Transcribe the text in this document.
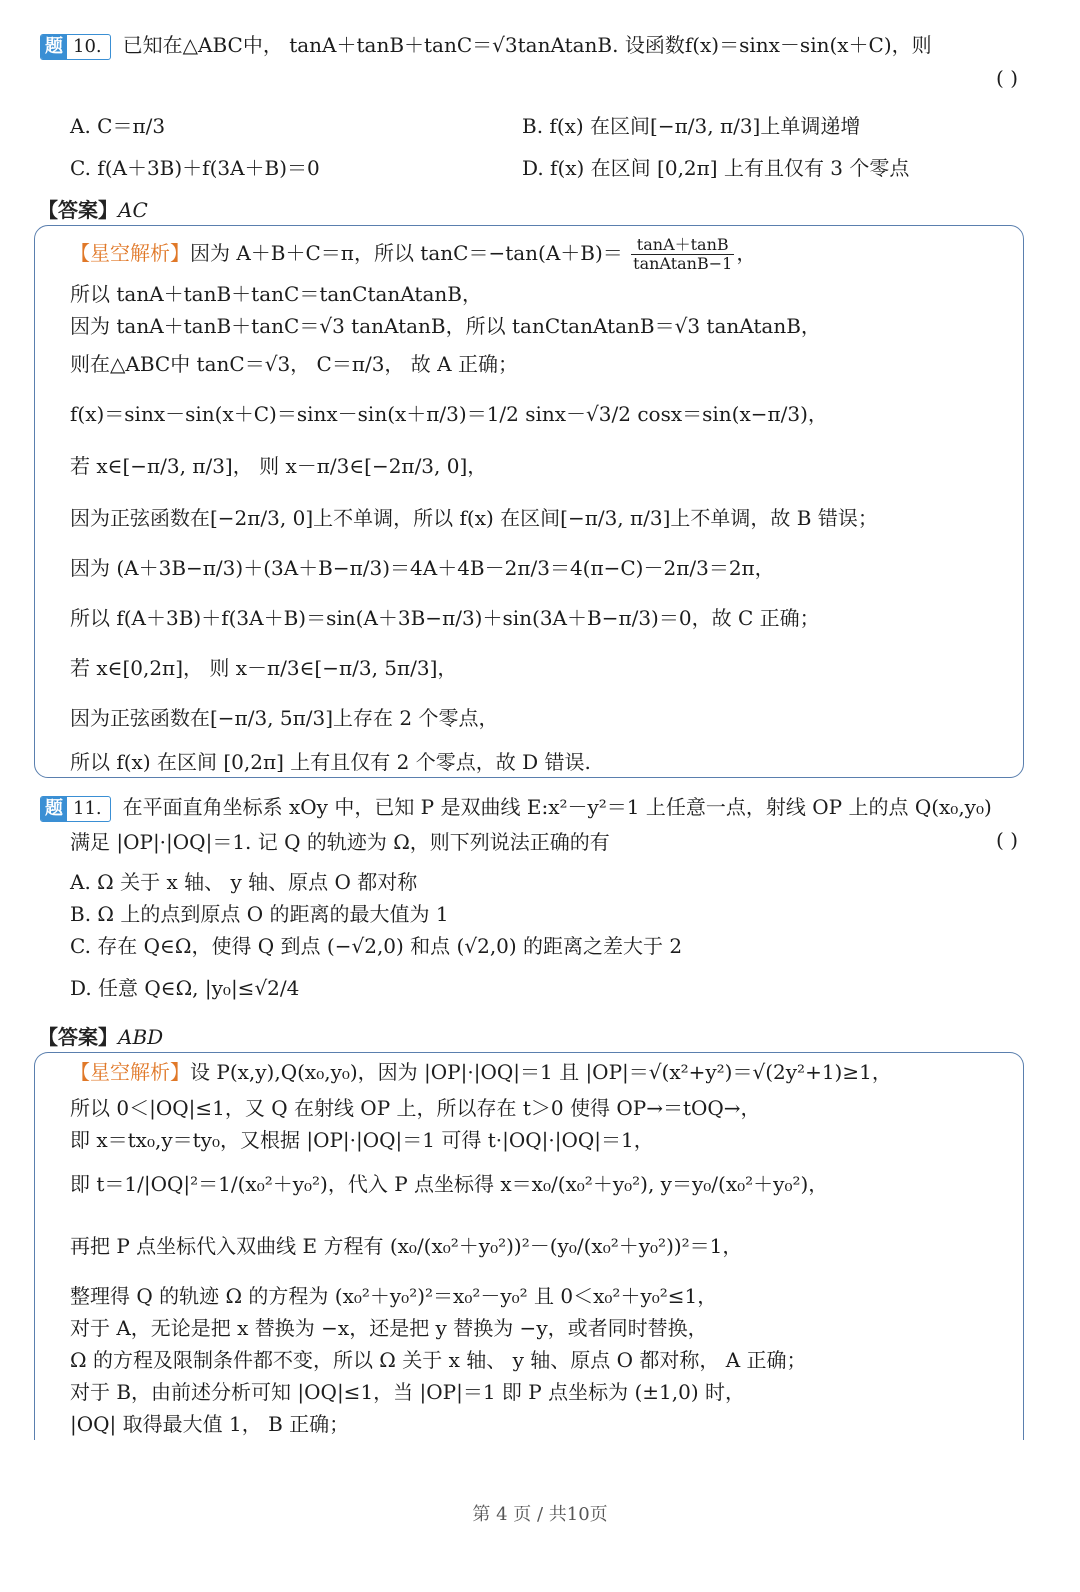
题 10. 已知在△ABC中， tanA＋tanB＋tanC＝√3tanAtanB. 设函数f(x)＝sinx－sin(x＋C)，则
( )
A. C＝π/3	B. f(x) 在区间[−π/3, π/3]上单调递增
C. f(A＋3B)＋f(3A＋B)＝0	D. f(x) 在区间 [0,2π] 上有且仅有 3 个零点
【答案】AC
【星空解析】因为 A＋B＋C＝π，所以 $\tan C=-\tan(A+B)= \frac{\tan A+\tan B}{\text{tanAtanB−1}}$ ，
所以 tanA＋tanB＋tanC＝tanCtanAtanB，
因为 tanA＋tanB＋tanC＝√3 tanAtanB，所以 tanCtanAtanB＝√3 tanAtanB，
则在△ABC中 tanC＝√3， C＝π/3， 故 A 正确；
f(x)＝sinx－sin(x＋C)＝sinx－sin(x＋π/3)＝1/2 sinx－√3/2 cosx＝sin(x−π/3)，
若 x∈[−π/3, π/3]， 则 x－π/3∈[−2π/3, 0]，
因为正弦函数在[−2π/3, 0]上不单调，所以 f(x) 在区间[−π/3, π/3]上不单调，故 B 错误；
因为 (A＋3B−π/3)＋(3A＋B−π/3)＝4A＋4B－2π/3＝4(π−C)－2π/3＝2π，
所以 f(A＋3B)＋f(3A＋B)＝sin(A＋3B−π/3)＋sin(3A＋B−π/3)＝0，故 C 正确；
若 x∈[0,2π]， 则 x－π/3∈[−π/3, 5π/3]，
因为正弦函数在[−π/3, 5π/3]上存在 2 个零点，
所以 f(x) 在区间 [0,2π] 上有且仅有 2 个零点，故 D 错误.
题 11. 在平面直角坐标系 xOy 中，已知 P 是双曲线 E:x²－y²＝1 上任意一点，射线 OP 上的点 Q(x₀,y₀)
满足 |OP|·|OQ|＝1. 记 Q 的轨迹为 Ω，则下列说法正确的有	( )
A. Ω 关于 x 轴、 y 轴、原点 O 都对称
B. Ω 上的点到原点 O 的距离的最大值为 1
C. 存在 Q∈Ω，使得 Q 到点 (−√2,0) 和点 (√2,0) 的距离之差大于 2
D. 任意 Q∈Ω, |y₀|≤√2/4
【答案】ABD
【星空解析】设 P(x,y),Q(x₀,y₀)，因为 |OP|·|OQ|＝1 且 |OP|＝√(x²+y²)＝√(2y²+1)≥1，
所以 0＜|OQ|≤1，又 Q 在射线 OP 上，所以存在 t＞0 使得 OP→＝tOQ→，
即 x＝tx₀,y＝ty₀，又根据 |OP|·|OQ|＝1 可得 t·|OQ|·|OQ|＝1，
即 t＝1/|OQ|²＝1/(x₀²＋y₀²)，代入 P 点坐标得 x＝x₀/(x₀²＋y₀²), y＝y₀/(x₀²＋y₀²)，
再把 P 点坐标代入双曲线 E 方程有 (x₀/(x₀²＋y₀²))²－(y₀/(x₀²＋y₀²))²＝1，
整理得 Q 的轨迹 Ω 的方程为 (x₀²＋y₀²)²＝x₀²－y₀² 且 0＜x₀²＋y₀²≤1，
对于 A，无论是把 x 替换为 −x，还是把 y 替换为 −y，或者同时替换，
Ω 的方程及限制条件都不变，所以 Ω 关于 x 轴、 y 轴、原点 O 都对称， A 正确；
对于 B，由前述分析可知 |OQ|≤1，当 |OP|＝1 即 P 点坐标为 (±1,0) 时，
|OQ| 取得最大值 1， B 正确；
第 4 页 / 共10页
